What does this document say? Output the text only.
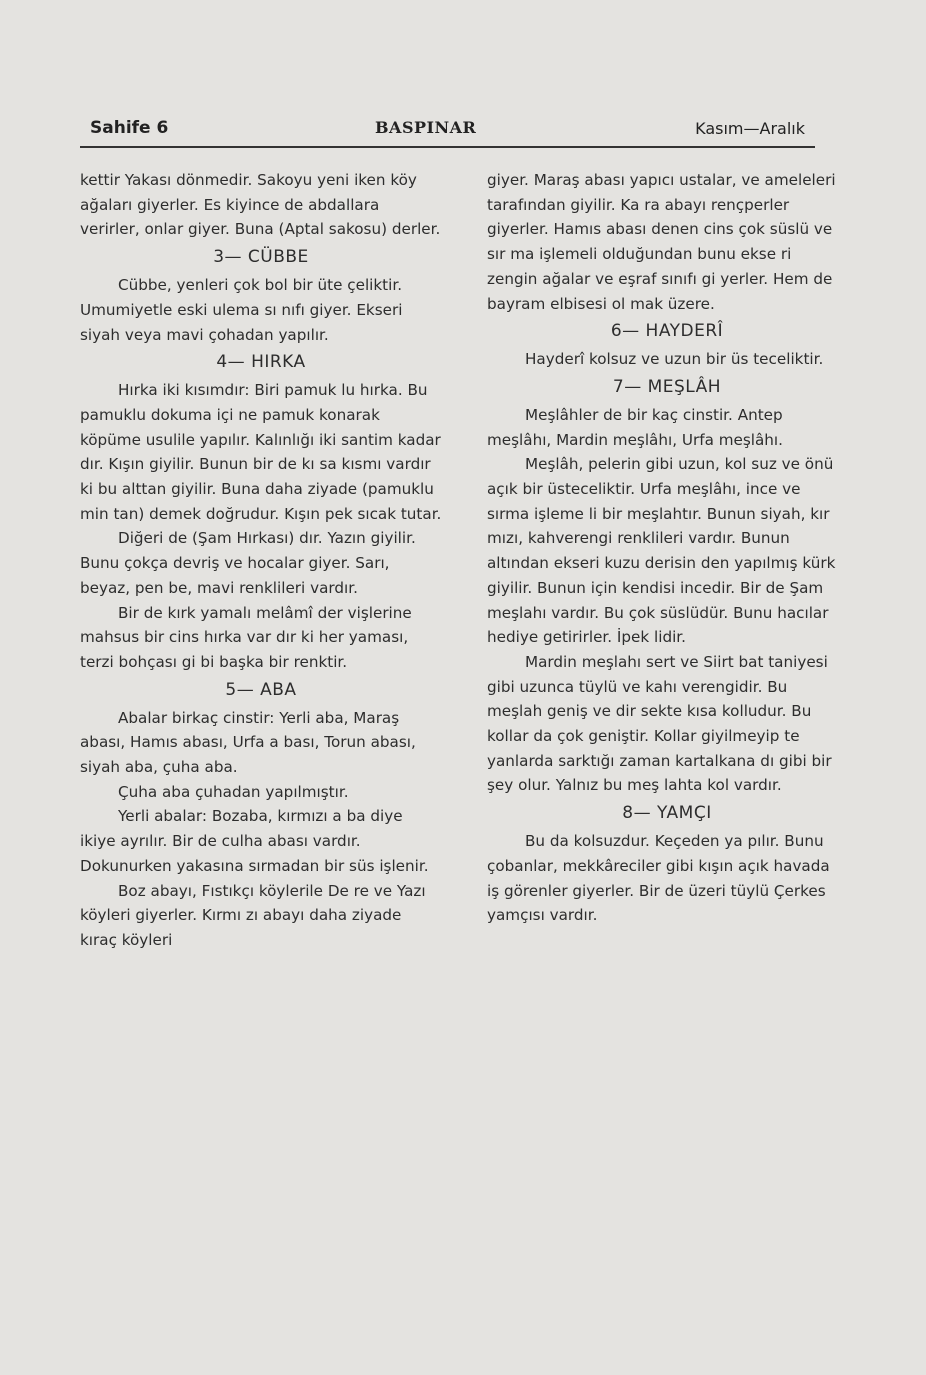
Sahife 6	BASPINAR	Kasım—Aralık

kettir Yakası dönmedir. Sakoyu yeni iken köy ağaları giyerler. Es kiyince de abdallara verirler, onlar giyer. Buna (Aptal sakosu) derler.

3— CÜBBE

Cübbe, yenleri çok bol bir üte çeliktir. Umumiyetle eski ulema sı nıfı giyer. Ekseri siyah veya mavi çohadan yapılır.

4— HIRKA

Hırka iki kısımdır: Biri pamuk lu hırka. Bu pamuklu dokuma içi ne pamuk konarak köpüme usulile yapılır. Kalınlığı iki santim kadar dır. Kışın giyilir. Bunun bir de kı sa kısmı vardır ki bu alttan giyilir. Buna daha ziyade (pamuklu min tan) demek doğrudur. Kışın pek sıcak tutar.

Diğeri de (Şam Hırkası) dır. Yazın giyilir. Bunu çokça devriş ve hocalar giyer. Sarı, beyaz, pen be, mavi renklileri vardır.

Bir de kırk yamalı melâmî der vişlerine mahsus bir cins hırka var dır ki her yaması, terzi bohçası gi bi başka bir renktir.

5— ABA

Abalar birkaç cinstir: Yerli aba, Maraş abası, Hamıs abası, Urfa a bası, Torun abası, siyah aba, çuha aba.

Çuha aba çuhadan yapılmıştır.

Yerli abalar: Bozaba, kırmızı a ba diye ikiye ayrılır. Bir de culha abası vardır. Dokunurken yakasına sırmadan bir süs işlenir.

Boz abayı, Fıstıkçı köylerile De re ve Yazı köyleri giyerler. Kırmı zı abayı daha ziyade kıraç köyleri

giyer. Maraş abası yapıcı ustalar, ve ameleleri tarafından giyilir. Ka ra abayı rençperler giyerler. Hamıs abası denen cins çok süslü ve sır ma işlemeli olduğundan bunu ekse ri zengin ağalar ve eşraf sınıfı gi yerler. Hem de bayram elbisesi ol mak üzere.

6— HAYDERÎ

Hayderî kolsuz ve uzun bir üs teceliktir.

7— MEŞLÂH

Meşlâhler de bir kaç cinstir. Antep meşlâhı, Mardin meşlâhı, Urfa meşlâhı.

Meşlâh, pelerin gibi uzun, kol suz ve önü açık bir üsteceliktir. Urfa meşlâhı, ince ve sırma işleme li bir meşlahtır. Bunun siyah, kır mızı, kahverengi renklileri vardır. Bunun altından ekseri kuzu derisin den yapılmış kürk giyilir. Bunun için kendisi incedir. Bir de Şam meşlahı vardır. Bu çok süslüdür. Bunu hacılar hediye getirirler. İpek lidir.

Mardin meşlahı sert ve Siirt bat taniyesi gibi uzunca tüylü ve kahı verengidir. Bu meşlah geniş ve dir sekte kısa kolludur. Bu kollar da çok geniştir. Kollar giyilmeyip te yanlarda sarktığı zaman kartalkana dı gibi bir şey olur. Yalnız bu meş lahta kol vardır.

8— YAMÇI

Bu da kolsuzdur. Keçeden ya pılır. Bunu çobanlar, mekkâreciler gibi kışın açık havada iş görenler giyerler. Bir de üzeri tüylü Çerkes yamçısı vardır.
